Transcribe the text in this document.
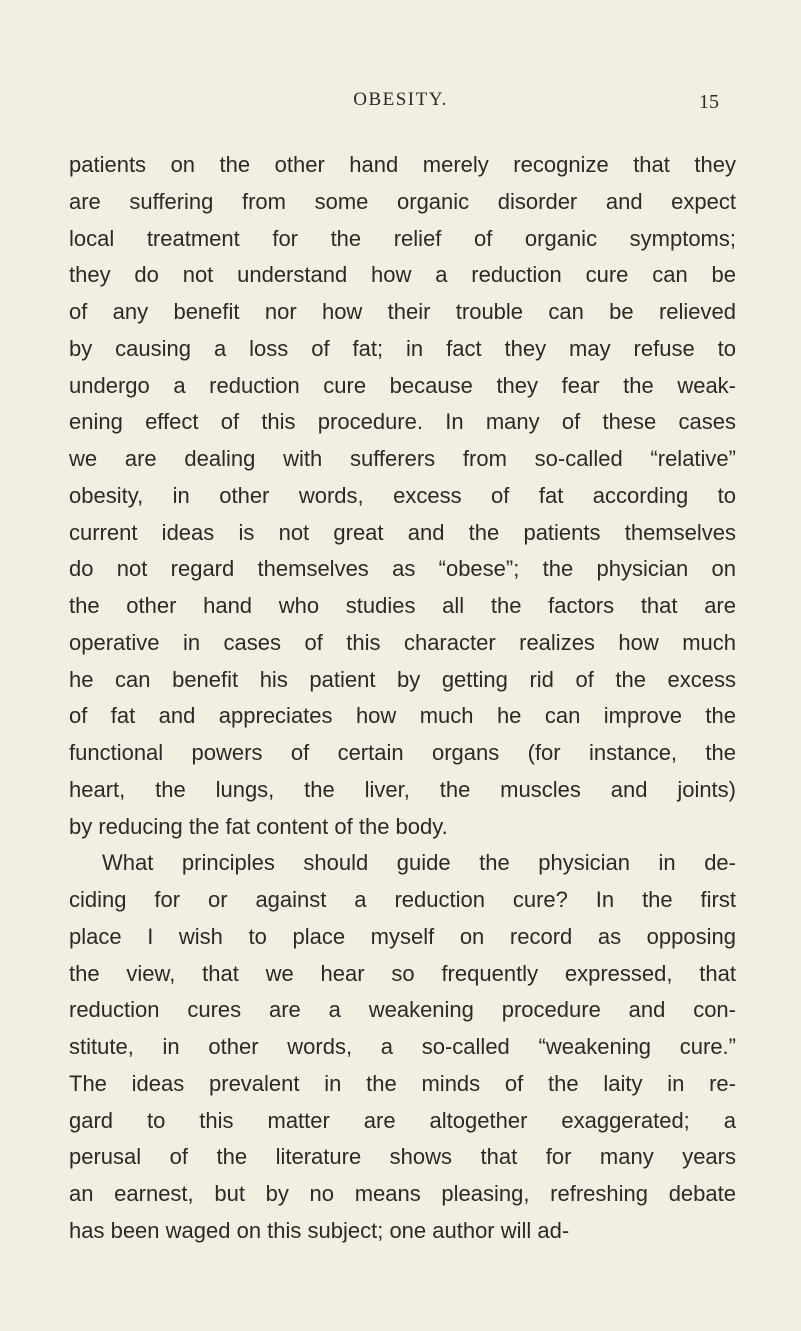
OBESITY.	15
patients on the other hand merely recognize that they
are suffering from some organic disorder and expect
local treatment for the relief of organic symptoms;
they do not understand how a reduction cure can be
of any benefit nor how their trouble can be relieved
by causing a loss of fat; in fact they may refuse to
undergo a reduction cure because they fear the weak-
ening effect of this procedure. In many of these cases
we are dealing with sufferers from so-called “relative”
obesity, in other words, excess of fat according to
current ideas is not great and the patients themselves
do not regard themselves as “obese”; the physician on
the other hand who studies all the factors that are
operative in cases of this character realizes how much
he can benefit his patient by getting rid of the excess
of fat and appreciates how much he can improve the
functional powers of certain organs (for instance, the
heart, the lungs, the liver, the muscles and joints)
by reducing the fat content of the body.
What principles should guide the physician in de-
ciding for or against a reduction cure? In the first
place I wish to place myself on record as opposing
the view, that we hear so frequently expressed, that
reduction cures are a weakening procedure and con-
stitute, in other words, a so-called “weakening cure.”
The ideas prevalent in the minds of the laity in re-
gard to this matter are altogether exaggerated; a
perusal of the literature shows that for many years
an earnest, but by no means pleasing, refreshing debate
has been waged on this subject; one author will ad-
